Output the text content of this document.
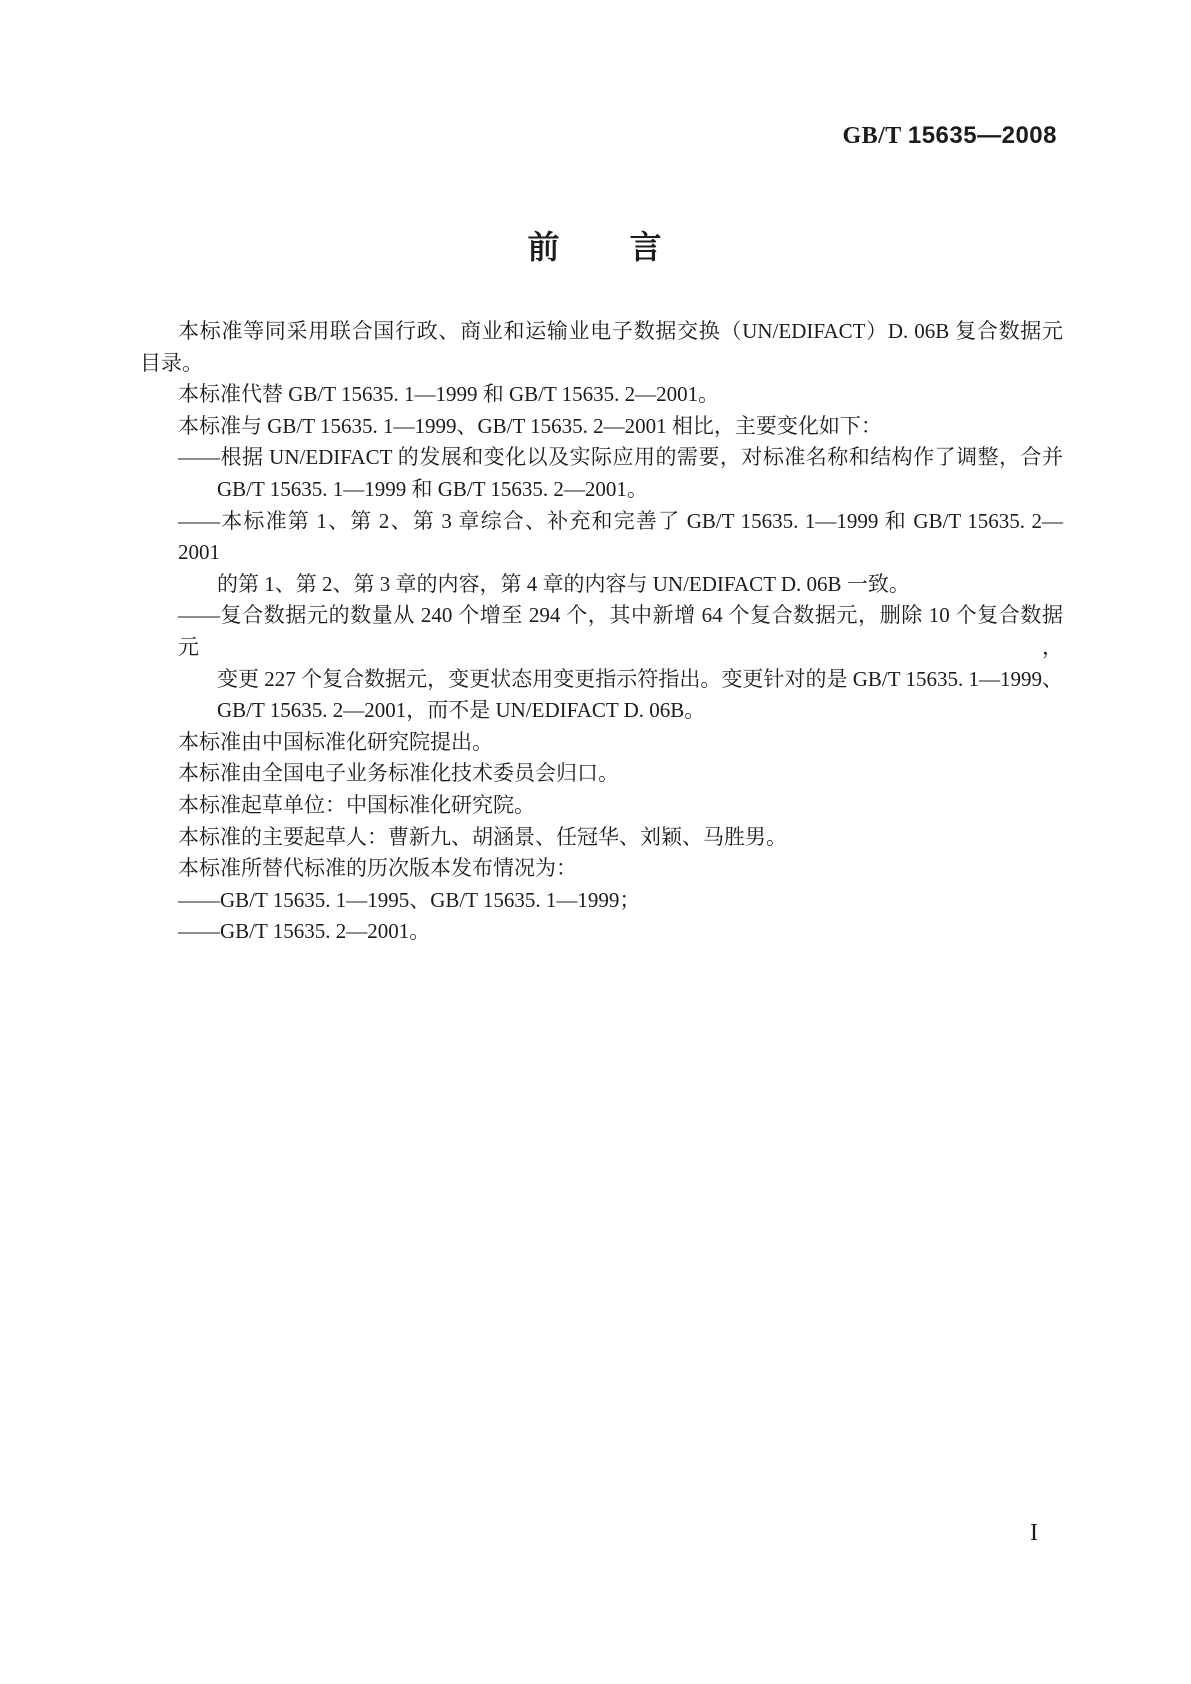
GB/T 15635—2008
前　　言
本标准等同采用联合国行政、商业和运输业电子数据交换（UN/EDIFACT）D. 06B 复合数据元
目录。
本标准代替 GB/T 15635. 1—1999 和 GB/T 15635. 2—2001。
本标准与 GB/T 15635. 1—1999、GB/T 15635. 2—2001 相比，主要变化如下：
——根据 UN/EDIFACT 的发展和变化以及实际应用的需要，对标准名称和结构作了调整，合并
GB/T 15635. 1—1999 和 GB/T 15635. 2—2001。
——本标准第 1、第 2、第 3 章综合、补充和完善了 GB/T 15635. 1—1999 和 GB/T 15635. 2—2001
的第 1、第 2、第 3 章的内容，第 4 章的内容与 UN/EDIFACT D. 06B 一致。
——复合数据元的数量从 240 个增至 294 个，其中新增 64 个复合数据元，删除 10 个复合数据元，
变更 227 个复合数据元，变更状态用变更指示符指出。变更针对的是 GB/T 15635. 1—1999、
GB/T 15635. 2—2001，而不是 UN/EDIFACT D. 06B。
本标准由中国标准化研究院提出。
本标准由全国电子业务标准化技术委员会归口。
本标准起草单位：中国标准化研究院。
本标准的主要起草人：曹新九、胡涵景、任冠华、刘颖、马胜男。
本标准所替代标准的历次版本发布情况为：
——GB/T 15635. 1—1995、GB/T 15635. 1—1999；
——GB/T 15635. 2—2001。
I
